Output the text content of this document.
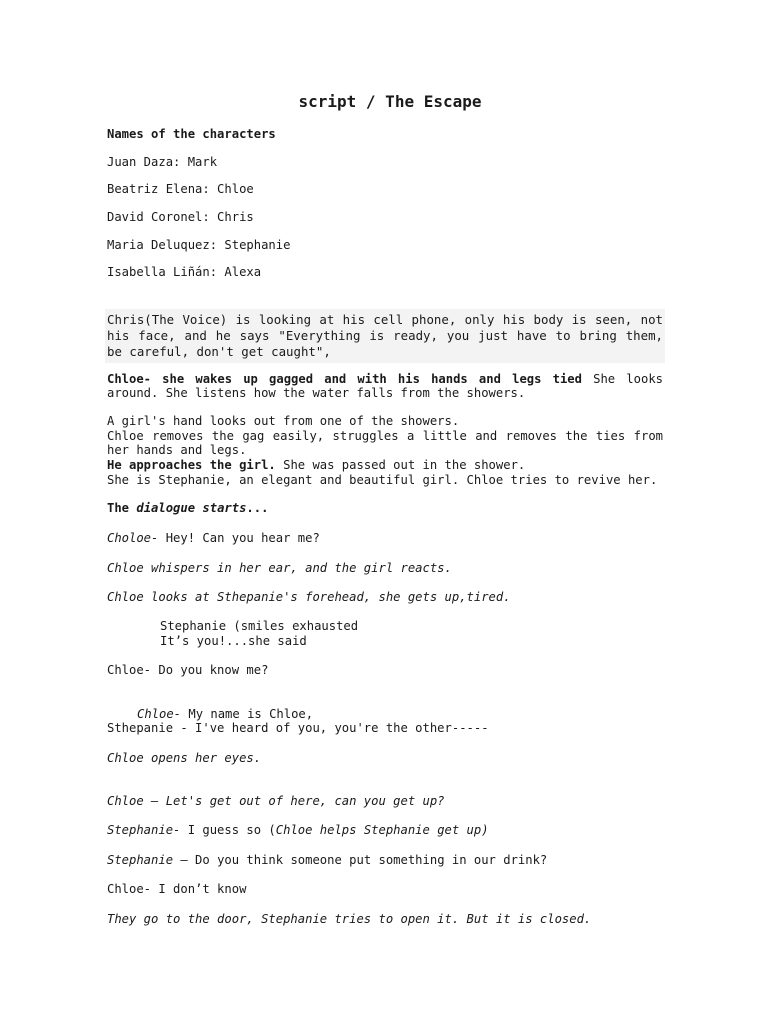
script / The Escape
Names of the characters
Juan Daza: Mark
Beatriz Elena: Chloe
David Coronel: Chris
Maria Deluquez: Stephanie
Isabella Liñán: Alexa
Chris(The Voice) is looking at his cell phone, only his body is seen, not his face, and he says "Everything is ready, you just have to bring them, be careful, don't get caught",
Chloe- she wakes up gagged and with his hands and legs tied She looks around. She listens how the water falls from the showers.
A girl's hand looks out from one of the showers.
Chloe removes the gag easily, struggles a little and removes the ties from her hands and legs.
He approaches the girl. She was passed out in the shower.
She is Stephanie, an elegant and beautiful girl. Chloe tries to revive her.
The dialogue starts...
Choloe- Hey! Can you hear me?
Chloe whispers in her ear, and the girl reacts.
Chloe looks at Sthepanie's forehead, she gets up,tired.
Stephanie (smiles exhausted
It’s you!...she said
Chloe- Do you know me?
Chloe- My name is Chloe,
Sthepanie - I've heard of you, you're the other-----
Chloe opens her eyes.
Chloe – Let's get out of here, can you get up?
Stephanie- I guess so (Chloe helps Stephanie get up)
Stephanie – Do you think someone put something in our drink?
Chloe- I don’t know
They go to the door, Stephanie tries to open it. But it is closed.
